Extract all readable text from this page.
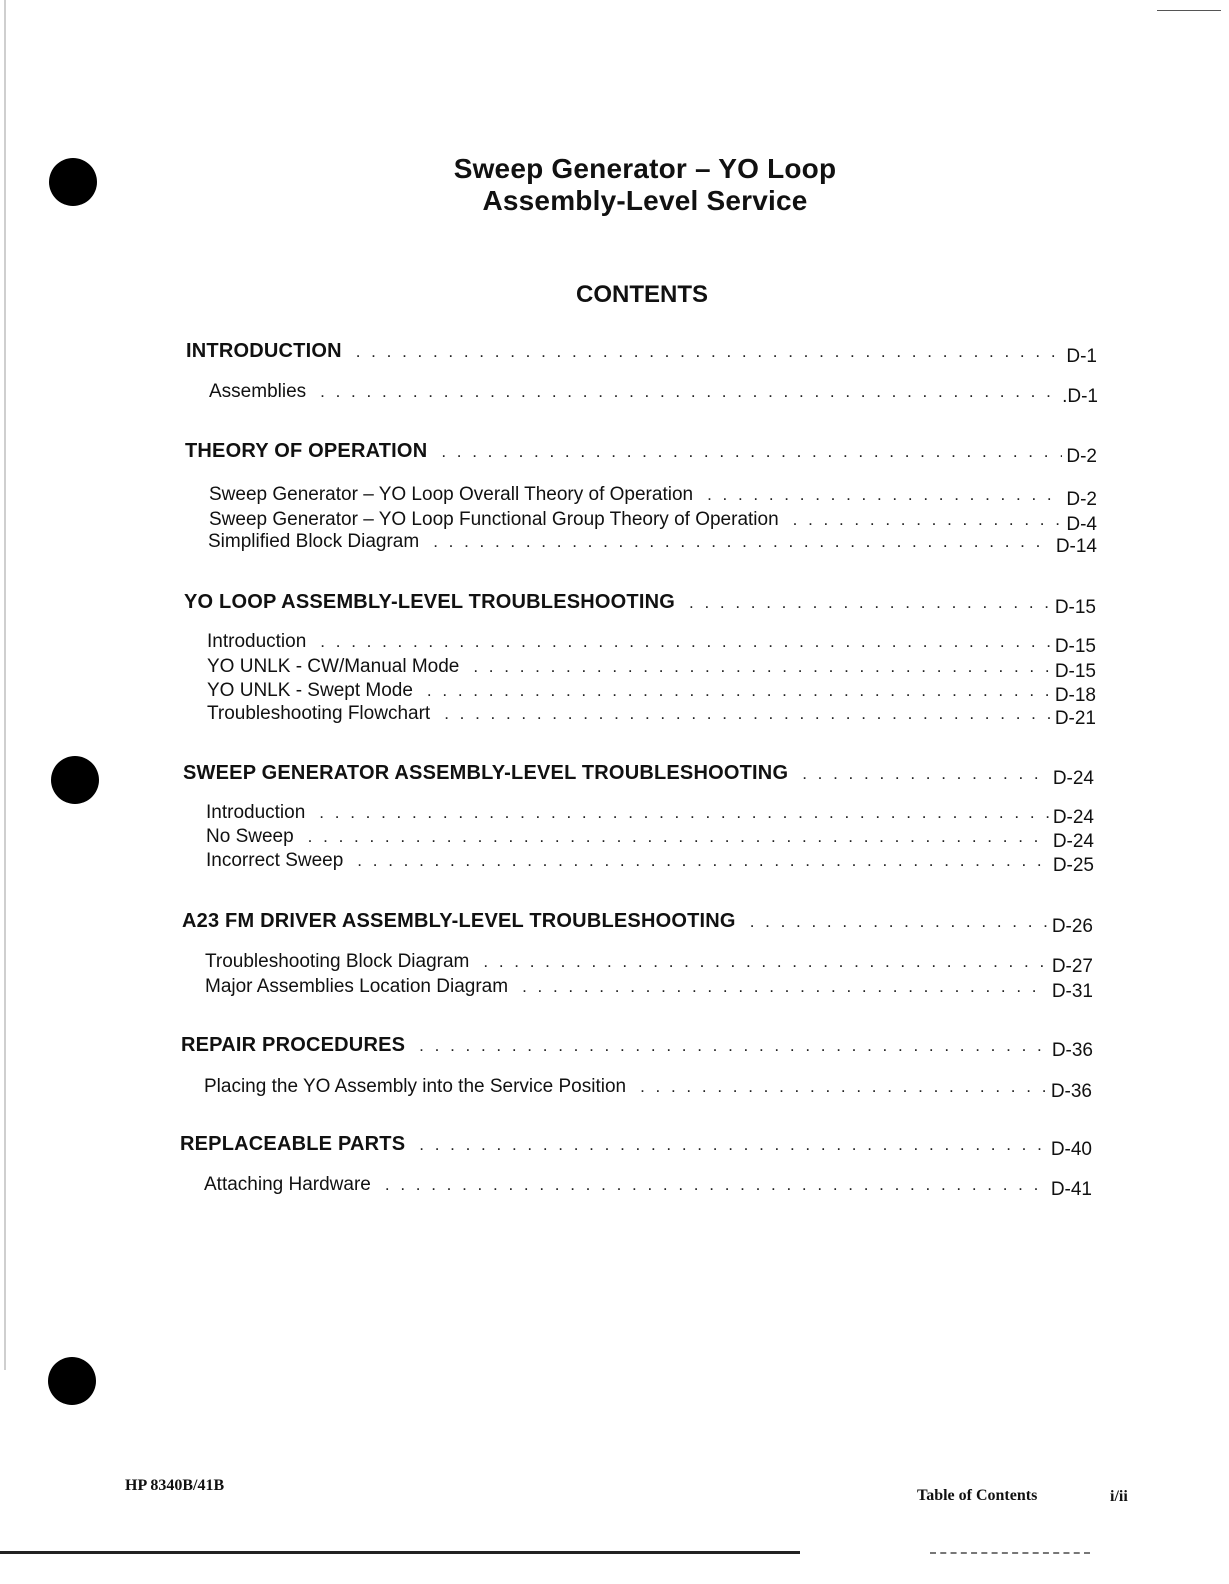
Sweep Generator – YO Loop
Assembly-Level Service
CONTENTS
INTRODUCTION . . .	D-1
Assemblies . . .	.D-1
THEORY OF OPERATION . . .	D-2
Sweep Generator – YO Loop Overall Theory of Operation . . .	D-2
Sweep Generator – YO Loop Functional Group Theory of Operation . . .	D-4
Simplified Block Diagram . . .	D-14
YO LOOP ASSEMBLY-LEVEL TROUBLESHOOTING . . .	D-15
Introduction . . .	D-15
YO UNLK - CW/Manual Mode . . .	D-15
YO UNLK - Swept Mode . . .	D-18
Troubleshooting Flowchart . . .	D-21
SWEEP GENERATOR ASSEMBLY-LEVEL TROUBLESHOOTING . . .	D-24
Introduction . . .	D-24
No Sweep . . .	D-24
Incorrect Sweep . . .	D-25
A23 FM DRIVER ASSEMBLY-LEVEL TROUBLESHOOTING . . .	D-26
Troubleshooting Block Diagram . . .	D-27
Major Assemblies Location Diagram . . .	D-31
REPAIR PROCEDURES . . .	D-36
Placing the YO Assembly into the Service Position . . .	D-36
REPLACEABLE PARTS . . .	D-40
Attaching Hardware . . .	D-41
HP 8340B/41B
Table of Contents	i/ii
